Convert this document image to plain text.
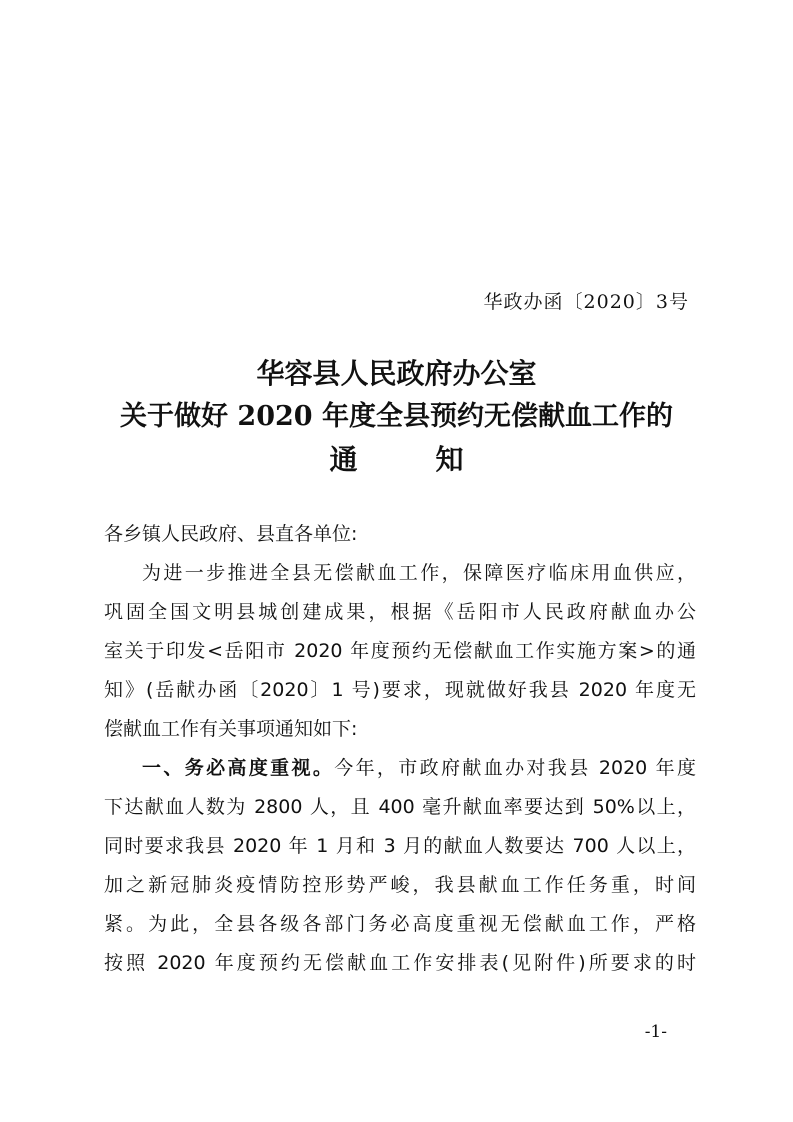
华政办函〔2020〕3号
华容县人民政府办公室
关于做好 2020 年度全县预约无偿献血工作的
通知
各乡镇人民政府、县直各单位:
为进一步推进全县无偿献血工作，保障医疗临床用血供应，
巩固全国文明县城创建成果，根据《岳阳市人民政府献血办公
室关于印发<岳阳市 2020 年度预约无偿献血工作实施方案>的通
知》(岳献办函〔2020〕1 号)要求，现就做好我县 2020 年度无
偿献血工作有关事项通知如下:
一、务必高度重视。今年，市政府献血办对我县 2020 年度
下达献血人数为 2800 人，且 400 毫升献血率要达到 50%以上，
同时要求我县 2020 年 1 月和 3 月的献血人数要达 700 人以上，
加之新冠肺炎疫情防控形势严峻，我县献血工作任务重，时间
紧。为此，全县各级各部门务必高度重视无偿献血工作，严格
按照 2020 年度预约无偿献血工作安排表(见附件)所要求的时
-1-
